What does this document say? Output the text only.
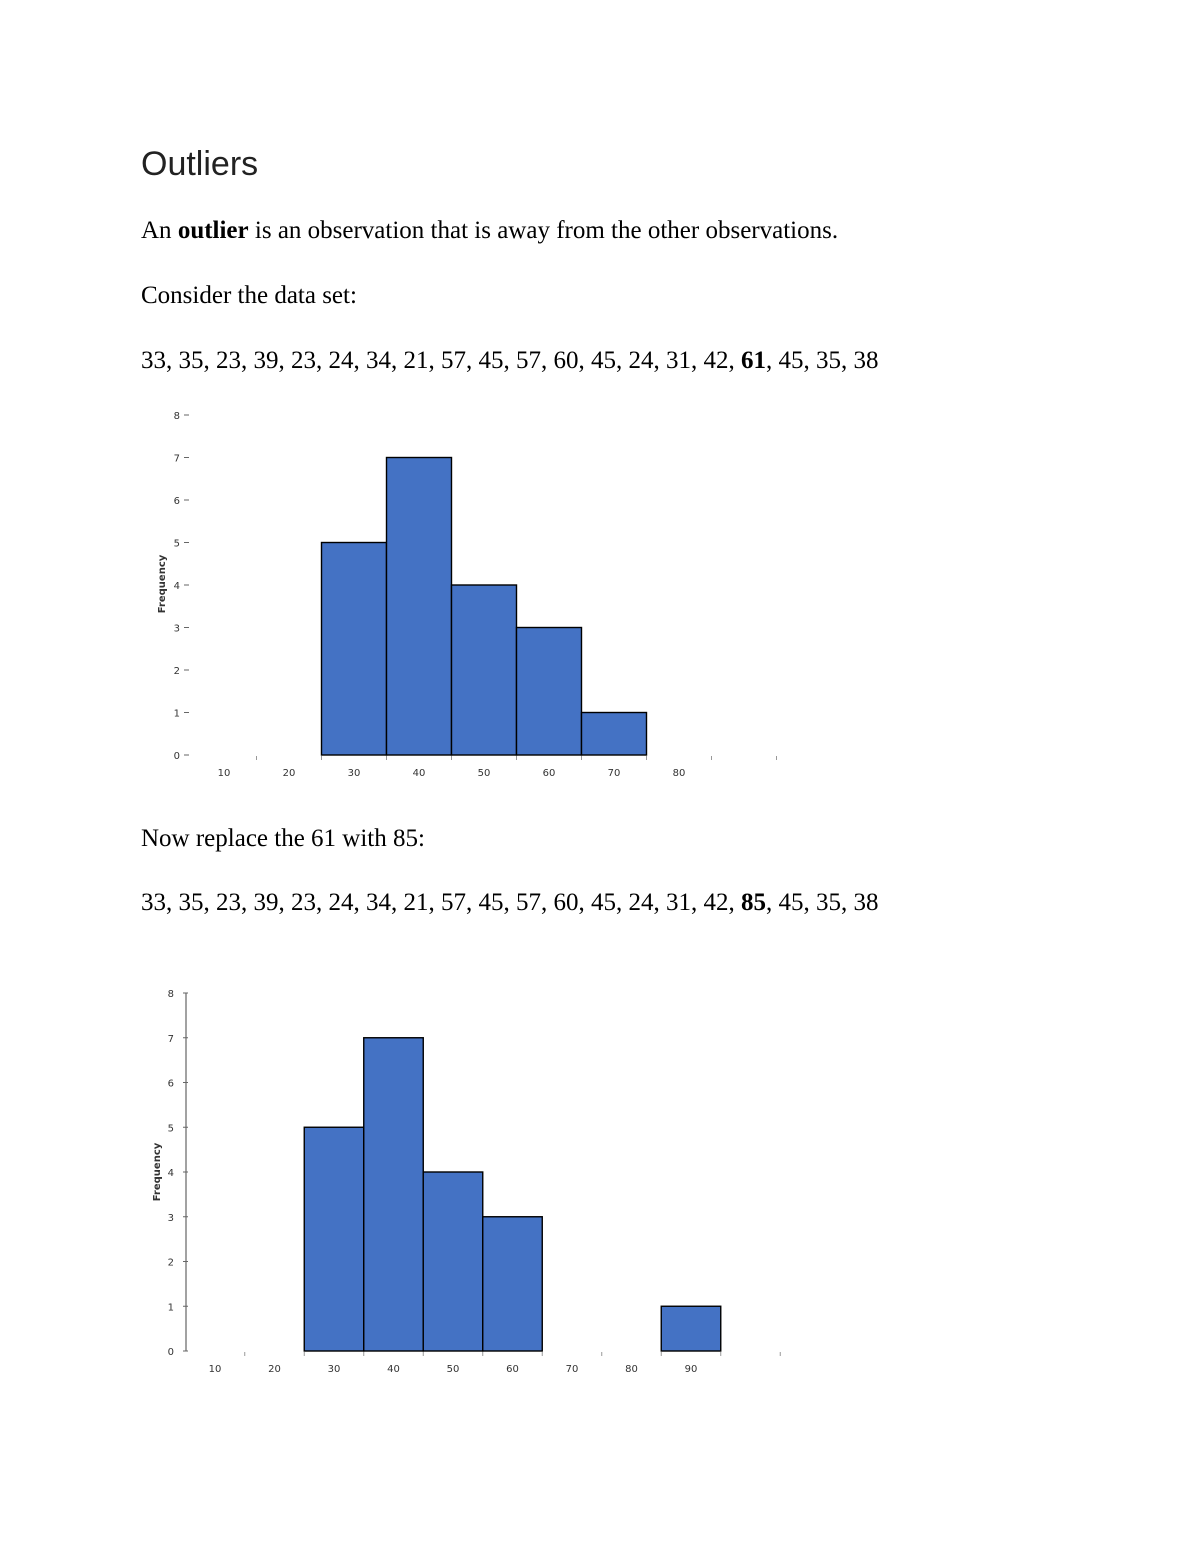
Outliers

An outlier is an observation that is away from the other observations.

Consider the data set:

33, 35, 23, 39, 23, 24, 34, 21, 57, 45, 57, 60, 45, 24, 31, 42, 61, 45, 35, 38

0
1
2
3
4
5
6
7
8
10	20	30	40	50	60	70	80
Frequency

Now replace the 61 with 85:

33, 35, 23, 39, 23, 24, 34, 21, 57, 45, 57, 60, 45, 24, 31, 42, 85, 45, 35, 38

0
1
2
3
4
5
6
7
8
10	20	30	40	50	60	70	80	90
Frequency
